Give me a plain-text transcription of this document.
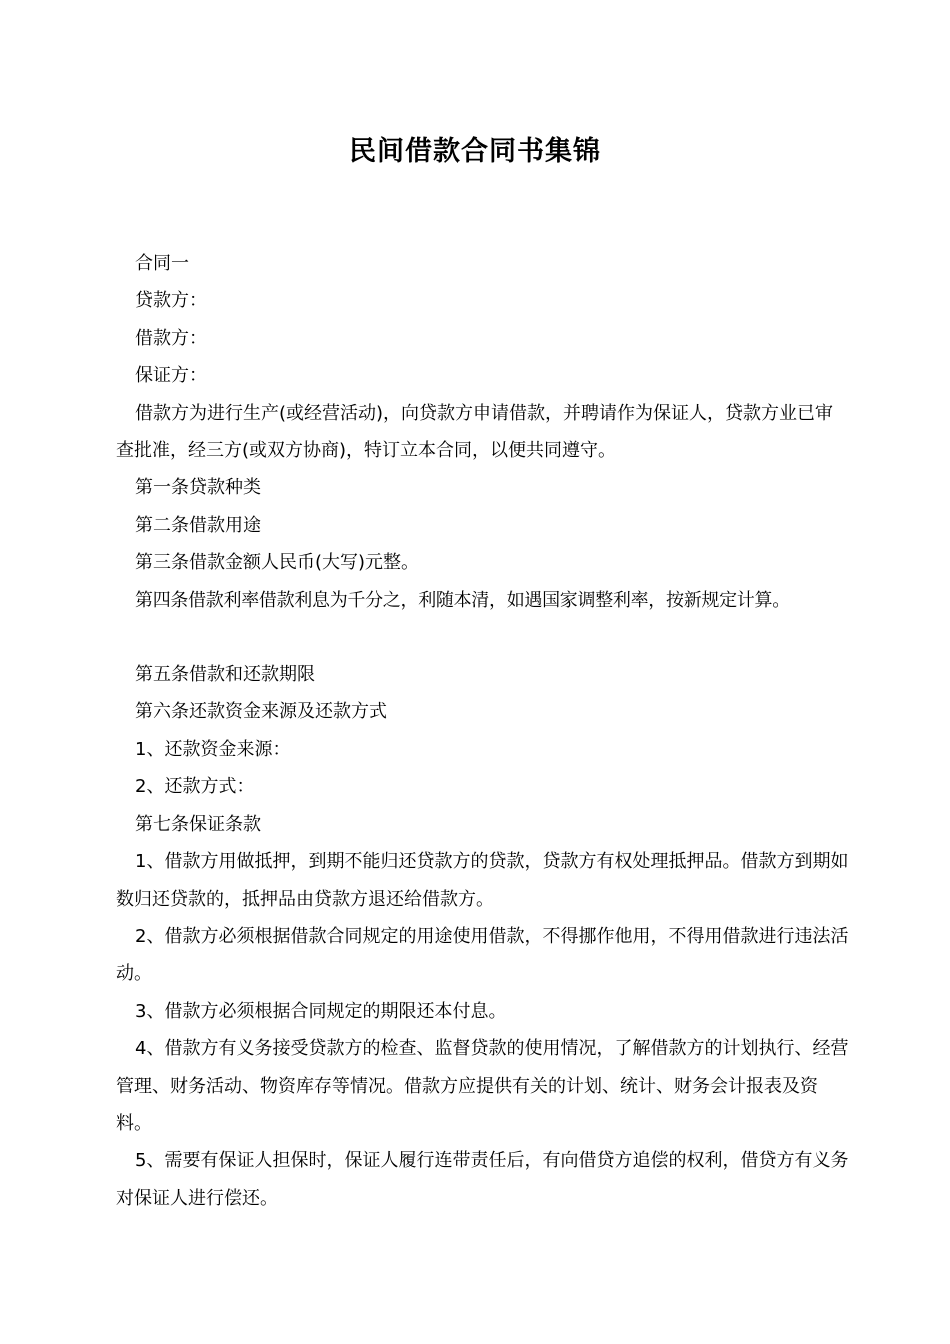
民间借款合同书集锦

合同一

贷款方：

借款方：

保证方：

借款方为进行生产(或经营活动)，向贷款方申请借款，并聘请作为保证人，贷款方业已审查批准，经三方(或双方协商)，特订立本合同，以便共同遵守。

第一条贷款种类

第二条借款用途

第三条借款金额人民币(大写)元整。

第四条借款利率借款利息为千分之，利随本清，如遇国家调整利率，按新规定计算。

第五条借款和还款期限

第六条还款资金来源及还款方式

1、还款资金来源：

2、还款方式：

第七条保证条款

1、借款方用做抵押，到期不能归还贷款方的贷款，贷款方有权处理抵押品。借款方到期如数归还贷款的，抵押品由贷款方退还给借款方。

2、借款方必须根据借款合同规定的用途使用借款，不得挪作他用，不得用借款进行违法活动。

3、借款方必须根据合同规定的期限还本付息。

4、借款方有义务接受贷款方的检查、监督贷款的使用情况，了解借款方的计划执行、经营管理、财务活动、物资库存等情况。借款方应提供有关的计划、统计、财务会计报表及资料。

5、需要有保证人担保时，保证人履行连带责任后，有向借贷方追偿的权利，借贷方有义务对保证人进行偿还。
